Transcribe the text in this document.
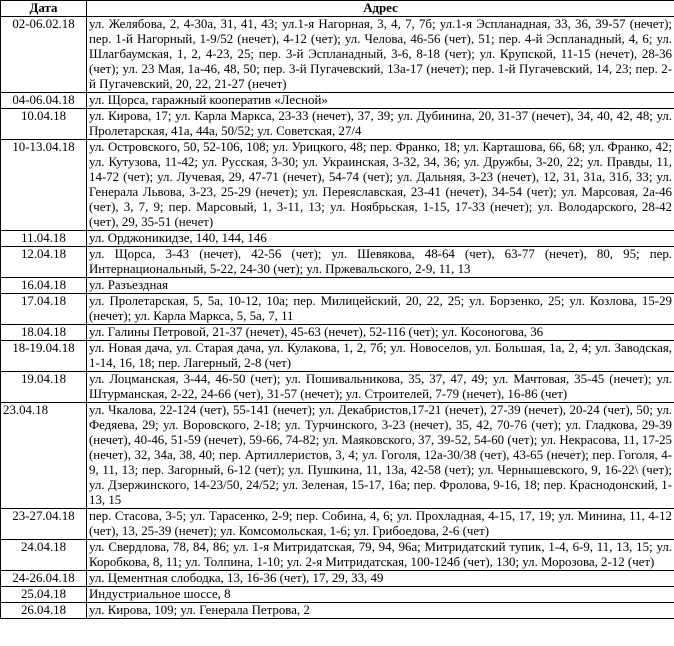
Дата	Адрес
02-06.02.18	ул. Желябова, 2, 4-30а, 31, 41, 43; ул.1-я Нагорная, 3, 4, 7, 7б; ул.1-я Эспланадная, 33, 36, 39-57 (нечет); пер. 1-й Нагорный, 1-9/52 (нечет), 4-12 (чет); ул. Челова, 46-56 (чет), 51; пер. 4-й Эспланадный, 4, 6; ул. Шлагбаумская, 1, 2, 4-23, 25; пер. 3-й Эспланадный, 3-6, 8-18 (чет); ул. Крупской, 11-15 (нечет), 28-36 (чет); ул. 23 Мая, 1а-46, 48, 50; пер. 3-й Пугачевский, 13а-17 (нечет); пер. 1-й Пугачевский, 14, 23; пер. 2-й Пугачевский, 20, 22, 21-27 (нечет)
04-06.04.18	ул. Щорса, гаражный кооператив «Лесной»
10.04.18	ул. Кирова, 17; ул. Карла Маркса, 23-33 (нечет), 37, 39; ул. Дубинина, 20, 31-37 (нечет), 34, 40, 42, 48; ул. Пролетарская, 41а, 44а, 50/52; ул. Советская, 27/4
10-13.04.18	ул. Островского, 50, 52-106, 108; ул. Урицкого, 48; пер. Франко, 18; ул. Карташова, 66, 68; ул. Франко, 42; ул. Кутузова, 11-42; ул. Русская, 3-30; ул. Украинская, 3-32, 34, 36; ул. Дружбы, 3-20, 22; ул. Правды, 11, 14-72 (чет); ул. Лучевая, 29, 47-71 (нечет), 54-74 (чет); ул. Дальняя, 3-23 (нечет), 12, 31, 31а, 31б, 33; ул. Генерала Львова, 3-23, 25-29 (нечет); ул. Переяславская, 23-41 (нечет), 34-54 (чет); ул. Марсовая, 2а-46 (чет), 3, 7, 9; пер. Марсовый, 1, 3-11, 13; ул. Ноябрьская, 1-15, 17-33 (нечет); ул. Володарского, 28-42 (чет), 29, 35-51 (нечет)
11.04.18	ул. Орджоникидзе, 140, 144, 146
12.04.18	ул. Щорса, 3-43 (нечет), 42-56 (чет); ул. Шевякова, 48-64 (чет), 63-77 (нечет), 80, 95; пер. Интернациональный, 5-22, 24-30 (чет); ул. Пржевальского, 2-9, 11, 13
16.04.18	ул. Разъездная
17.04.18	ул. Пролетарская, 5, 5а, 10-12, 10а; пер. Милицейский, 20, 22, 25; ул. Борзенко, 25; ул. Козлова, 15-29 (нечет); ул. Карла Маркса, 5, 5а, 7, 11
18.04.18	ул. Галины Петровой, 21-37 (нечет), 45-63 (нечет), 52-116 (чет); ул. Косоногова, 36
18-19.04.18	ул. Новая дача, ул. Старая дача, ул. Кулакова, 1, 2, 7б; ул. Новоселов, ул. Большая, 1а, 2, 4; ул. Заводская, 1-14, 16, 18; пер. Лагерный, 2-8 (чет)
19.04.18	ул. Лоцманская, 3-44, 46-50 (чет); ул. Пошивальникова, 35, 37, 47, 49; ул. Мачтовая, 35-45 (нечет); ул. Штурманская, 2-22, 24-66 (чет), 31-57 (нечет); ул. Строителей, 7-79 (нечет), 16-86 (чет)
23.04.18	ул. Чкалова, 22-124 (чет), 55-141 (нечет); ул. Декабристов,17-21 (нечет), 27-39 (нечет), 20-24 (чет), 50; ул. Федяева, 29; ул. Воровского, 2-18; ул. Турчинского, 3-23 (нечет), 35, 42, 70-76 (чет); ул. Гладкова, 29-39 (нечет), 40-46, 51-59 (нечет), 59-66, 74-82; ул. Маяковского, 37, 39-52, 54-60 (чет); ул. Некрасова, 11, 17-25 (нечет), 32, 34а, 38, 40; пер. Артиллеристов, 3, 4; ул. Гоголя, 12а-30/38 (чет), 43-65 (нечет); пер. Гоголя, 4-9, 11, 13; пер. Загорный, 6-12 (чет); ул. Пушкина, 11, 13а, 42-58 (чет); ул. Чернышевского, 9, 16-22\ (чет); ул. Дзержинского, 14-23/50, 24/52; ул. Зеленая, 15-17, 16а; пер. Фролова, 9-16, 18; пер. Краснодонский, 1-13, 15
23-27.04.18	пер. Стасова, 3-5; ул. Тарасенко, 2-9; пер. Собина, 4, 6; ул. Прохладная, 4-15, 17, 19; ул. Минина, 11, 4-12 (чет), 13, 25-39 (нечет); ул. Комсомольская, 1-6; ул. Грибоедова, 2-6 (чет)
24.04.18	ул. Свердлова, 78, 84, 86; ул. 1-я Митридатская, 79, 94, 96а; Митридатский тупик, 1-4, 6-9, 11, 13, 15; ул. Коробкова, 8, 11; ул. Толпина, 1-10; ул. 2-я Митридатская, 100-124б (чет), 130; ул. Морозова, 2-12 (чет)
24-26.04.18	ул. Цементная слободка, 13, 16-36 (чет), 17, 29, 33, 49
25.04.18	Индустриальное шоссе, 8
26.04.18	ул. Кирова, 109; ул. Генерала Петрова, 2
